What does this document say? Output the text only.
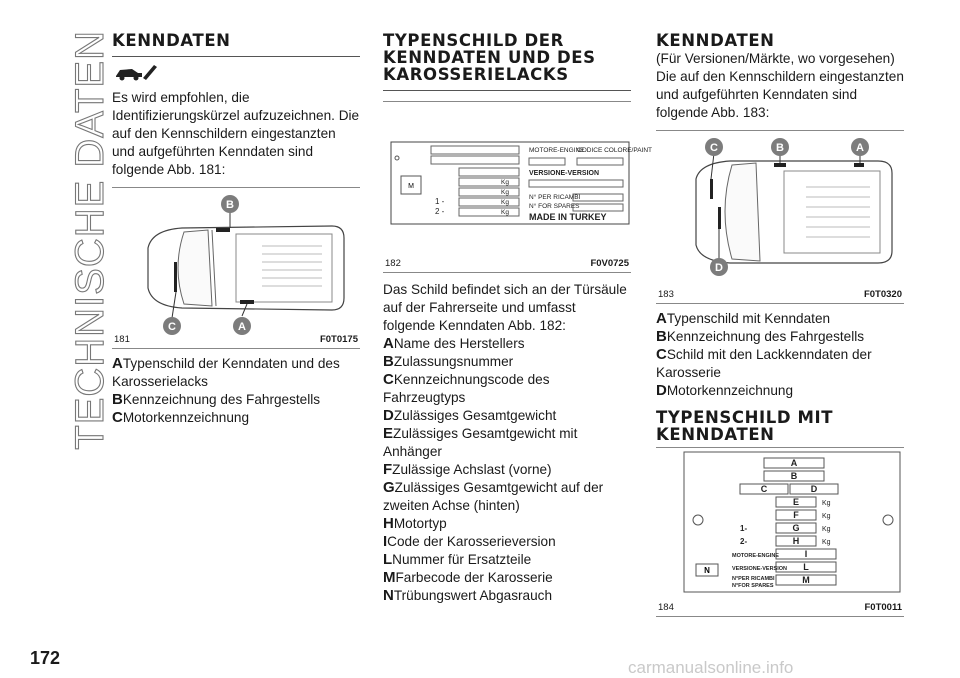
TECHNISCHE DATEN
172	carmanualsonline.info
KENNDATEN

Es wird empfohlen, die Identifizierungskürzel aufzuzeichnen. Die auf den Kennschildern eingestanzten und aufgeführten Kenndaten sind folgende Abb. 181:

B
A
C
181	F0T0175
ATypenschild der Kenndaten und des Karosserielacks
BKennzeichnung des Fahrgestells
CMotorkennzeichnung
TYPENSCHILD DER KENNDATEN UND DES KAROSSERIELACKS
M
MOTORE-ENGINE
CODICE COLORE/PAINT
VERSIONE-VERSION
N° PER RICAMBI
N° FOR SPARES
Kg
Kg
Kg
Kg
1 -
2 -
MADE IN TURKEY
182	F0V0725

Das Schild befindet sich an der Türsäule auf der Fahrerseite und umfasst folgende Kenndaten Abb. 182:

AName des Herstellers
BZulassungsnummer
CKennzeichnungscode des Fahrzeugtyps
DZulässiges Gesamtgewicht
EZulässiges Gesamtgewicht mit Anhänger
FZulässige Achslast (vorne)
GZulässiges Gesamtgewicht auf der zweiten Achse (hinten)
HMotortyp
ICode der Karosserieversion
LNummer für Ersatzteile
MFarbecode der Karosserie
NTrübungswert Abgasrauch
KENNDATEN

(Für Versionen/Märkte, wo vorgesehen) Die auf den Kennschildern eingestanzten und aufgeführten Kenndaten sind folgende Abb. 183:

C	B	A
D
183	F0T0320
ATypenschild mit Kenndaten
BKennzeichnung des Fahrgestells
CSchild mit den Lackkenndaten der Karosserie
DMotorkennzeichnung
TYPENSCHILD MIT KENNDATEN
N
A
B
C	D
E
F
G
H
I
L
M
Kg
Kg
Kg
Kg
1-
2-
MOTORE-ENGINE
VERSIONE-VERSION
N°PER RICAMBI
N°FOR SPARES
184	F0T0011
